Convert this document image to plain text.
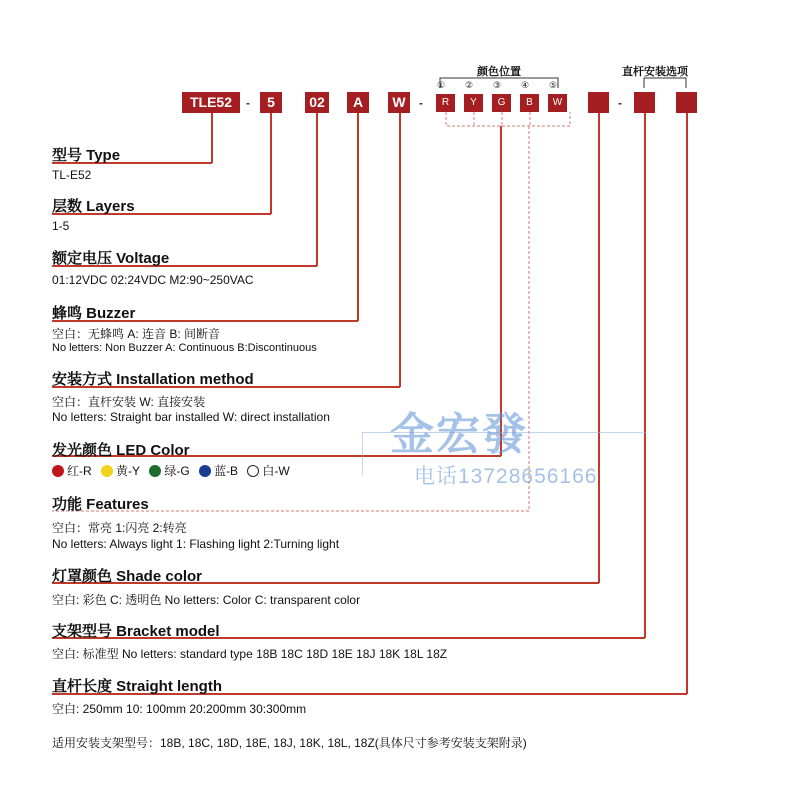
TLE52	-	5	02	A	W	-
颜色位置
① ② ③ ④ ⑤
R	Y	G	B	W	-
直杆安装选项
型号 Type
TL-E52
层数 Layers
1-5
额定电压 Voltage
01:12VDC 02:24VDC M2:90~250VAC
蜂鸣 Buzzer
空白：无蜂鸣 A: 连音 B: 间断音
No letters: Non Buzzer A: Continuous B:Discontinuous
安装方式 Installation method
空白：直杆安装 W: 直接安装
No letters: Straight bar installed W: direct installation
发光颜色 LED Color
红-R 黄-Y 绿-G 蓝-B 白-W
功能 Features
空白：常亮 1:闪亮 2:转亮
No letters: Always light 1: Flashing light 2:Turning light
灯罩颜色 Shade color
空白: 彩色 C: 透明色 No letters: Color C: transparent color
支架型号 Bracket model
空白: 标准型 No letters: standard type 18B 18C 18D 18E 18J 18K 18L 18Z
直杆长度 Straight length
空白: 250mm 10: 100mm 20:200mm 30:300mm
适用安装支架型号：18B, 18C, 18D, 18E, 18J, 18K, 18L, 18Z(具体尺寸参考安装支架附录)
金宏發
电话13728656166
